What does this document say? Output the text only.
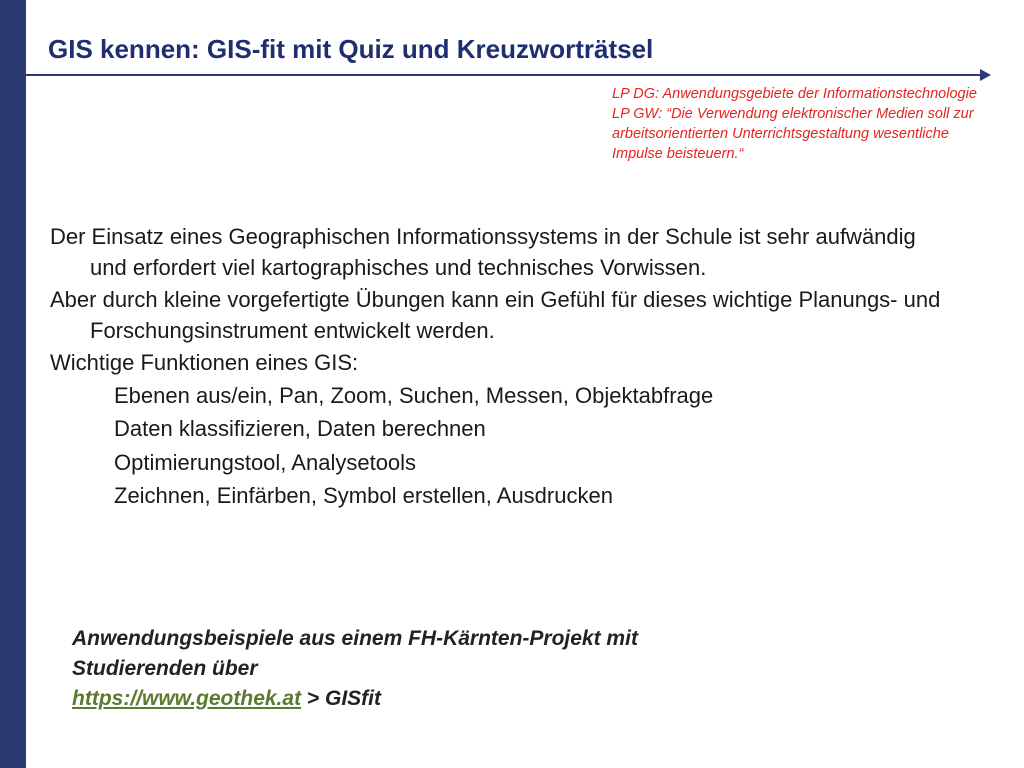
GIS kennen: GIS-fit mit Quiz und Kreuzworträtsel

LP DG: Anwendungsgebiete der Informationstechnologie

LP GW: “Die Verwendung elektronischer Medien soll zur arbeitsorientierten Unterrichtsgestaltung wesentliche Impulse beisteuern.“

Der Einsatz eines Geographischen Informationssystems in der Schule ist sehr aufwändig und erfordert viel kartographisches und technisches Vorwissen.

Aber durch kleine vorgefertigte Übungen kann ein Gefühl für dieses wichtige Planungs- und Forschungsinstrument entwickelt werden.

Wichtige Funktionen eines GIS:

Ebenen aus/ein, Pan, Zoom, Suchen, Messen, Objektabfrage

Daten klassifizieren, Daten berechnen

Optimierungstool, Analysetools

Zeichnen, Einfärben, Symbol erstellen, Ausdrucken

Anwendungsbeispiele aus einem FH-Kärnten-Projekt mit

Studierenden über

https://www.geothek.at > GISfit
